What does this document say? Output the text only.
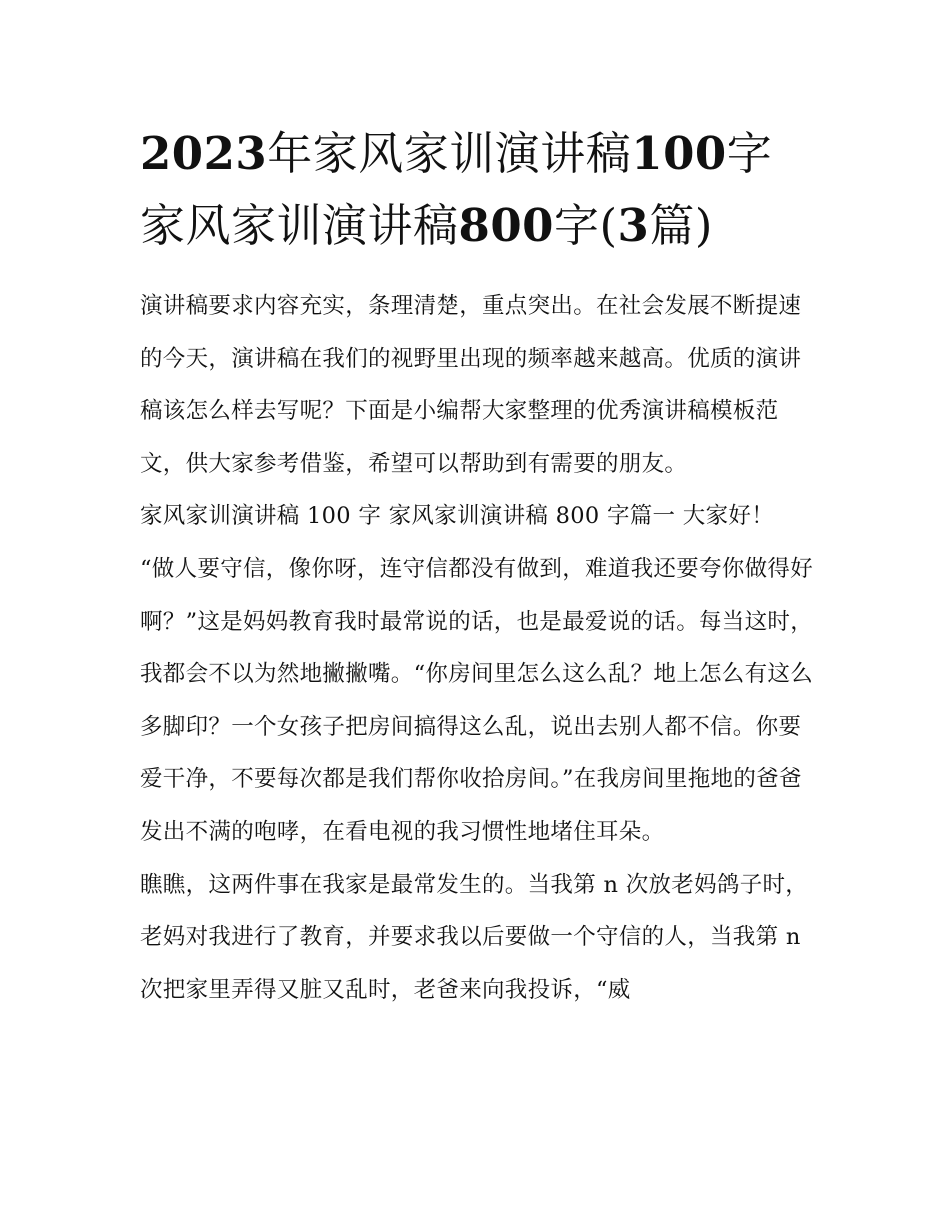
2023年家风家训演讲稿100字
家风家训演讲稿800字(3篇)

演讲稿要求内容充实，条理清楚，重点突出。在社会发展不断提速的今天，演讲稿在我们的视野里出现的频率越来越高。优质的演讲稿该怎么样去写呢？下面是小编帮大家整理的优秀演讲稿模板范文，供大家参考借鉴，希望可以帮助到有需要的朋友。

家风家训演讲稿 100 字 家风家训演讲稿 800 字篇一 大家好！

“做人要守信，像你呀，连守信都没有做到，难道我还要夸你做得好啊？”这是妈妈教育我时最常说的话，也是最爱说的话。每当这时，我都会不以为然地撇撇嘴。“你房间里怎么这么乱？地上怎么有这么多脚印？一个女孩子把房间搞得这么乱，说出去别人都不信。你要爱干净，不要每次都是我们帮你收拾房间。”在我房间里拖地的爸爸发出不满的咆哮，在看电视的我习惯性地堵住耳朵。

瞧瞧，这两件事在我家是最常发生的。当我第 n 次放老妈鸽子时，老妈对我进行了教育，并要求我以后要做一个守信的人，当我第 n 次把家里弄得又脏又乱时，老爸来向我投诉，“威
